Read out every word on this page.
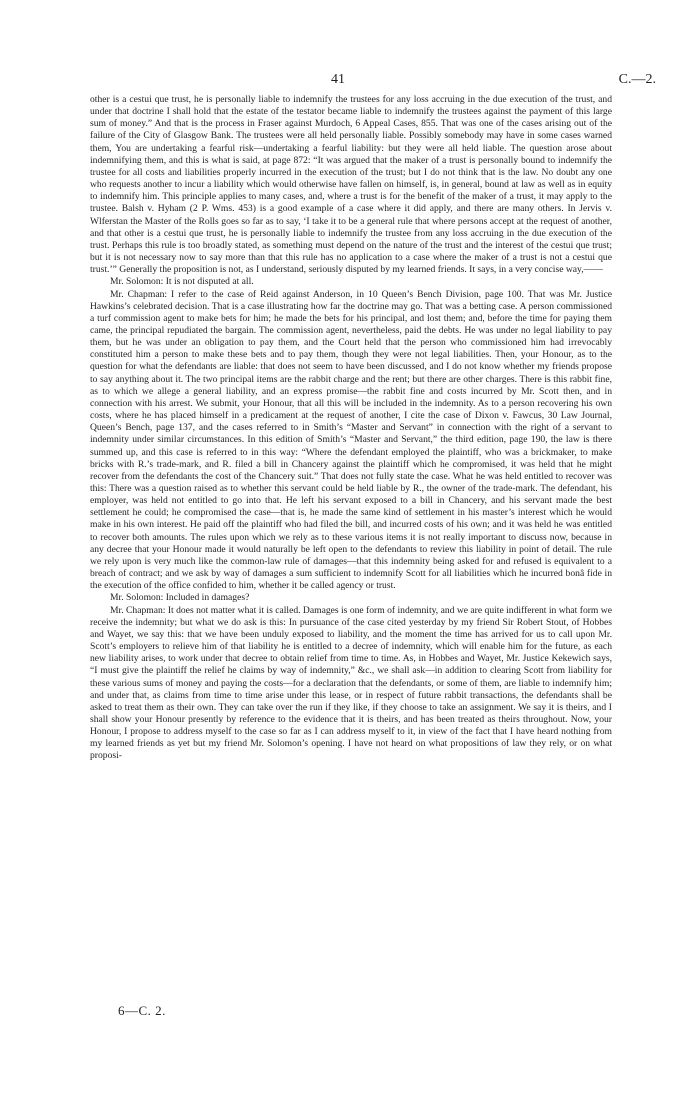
41	C.—2.

other is a cestui que trust, he is personally liable to indemnify the trustees for any loss accruing in the due execution of the trust, and under that doctrine I shall hold that the estate of the testator became liable to indemnify the trustees against the payment of this large sum of money.” And that is the process in Fraser against Murdoch, 6 Appeal Cases, 855. That was one of the cases arising out of the failure of the City of Glasgow Bank. The trustees were all held personally liable. Possibly somebody may have in some cases warned them, You are undertaking a fearful risk—undertaking a fearful liability: but they were all held liable. The question arose about indemnifying them, and this is what is said, at page 872: “It was argued that the maker of a trust is personally bound to indemnify the trustee for all costs and liabilities properly incurred in the execution of the trust; but I do not think that is the law. No doubt any one who requests another to incur a liability which would otherwise have fallen on himself, is, in general, bound at law as well as in equity to indemnify him. This principle applies to many cases, and, where a trust is for the benefit of the maker of a trust, it may apply to the trustee. Balsh v. Hyham (2 P. Wms. 453) is a good example of a case where it did apply, and there are many others. In Jervis v. Wlferstan the Master of the Rolls goes so far as to say, ‘I take it to be a general rule that where persons accept at the request of another, and that other is a cestui que trust, he is personally liable to indemnify the trustee from any loss accruing in the due execution of the trust. Perhaps this rule is too broadly stated, as something must depend on the nature of the trust and the interest of the cestui que trust; but it is not necessary now to say more than that this rule has no application to a case where the maker of a trust is not a cestui que trust.’” Generally the proposition is not, as I understand, seriously disputed by my learned friends. It says, in a very concise way,——

Mr. Solomon: It is not disputed at all.

Mr. Chapman: I refer to the case of Reid against Anderson, in 10 Queen’s Bench Division, page 100. That was Mr. Justice Hawkins’s celebrated decision. That is a case illustrating how far the doctrine may go. That was a betting case. A person commissioned a turf commission agent to make bets for him; he made the bets for his principal, and lost them; and, before the time for paying them came, the principal repudiated the bargain. The commission agent, nevertheless, paid the debts. He was under no legal liability to pay them, but he was under an obligation to pay them, and the Court held that the person who commissioned him had irrevocably constituted him a person to make these bets and to pay them, though they were not legal liabilities. Then, your Honour, as to the question for what the defendants are liable: that does not seem to have been discussed, and I do not know whether my friends propose to say anything about it. The two principal items are the rabbit charge and the rent; but there are other charges. There is this rabbit fine, as to which we allege a general liability, and an express promise—the rabbit fine and costs incurred by Mr. Scott then, and in connection with his arrest. We submit, your Honour, that all this will be included in the indemnity. As to a person recovering his own costs, where he has placed himself in a predicament at the request of another, I cite the case of Dixon v. Fawcus, 30 Law Journal, Queen’s Bench, page 137, and the cases referred to in Smith’s “Master and Servant” in connection with the right of a servant to indemnity under similar circumstances. In this edition of Smith’s “Master and Servant,” the third edition, page 190, the law is there summed up, and this case is referred to in this way: “Where the defendant employed the plaintiff, who was a brickmaker, to make bricks with R.’s trade-mark, and R. filed a bill in Chancery against the plaintiff which he compromised, it was held that he might recover from the defendants the cost of the Chancery suit.” That does not fully state the case. What he was held entitled to recover was this: There was a question raised as to whether this servant could be held liable by R., the owner of the trade-mark. The defendant, his employer, was held not entitled to go into that. He left his servant exposed to a bill in Chancery, and his servant made the best settlement he could; he compromised the case—that is, he made the same kind of settlement in his master’s interest which he would make in his own interest. He paid off the plaintiff who had filed the bill, and incurred costs of his own; and it was held he was entitled to recover both amounts. The rules upon which we rely as to these various items it is not really important to discuss now, because in any decree that your Honour made it would naturally be left open to the defendants to review this liability in point of detail. The rule we rely upon is very much like the common-law rule of damages—that this indemnity being asked for and refused is equivalent to a breach of contract; and we ask by way of damages a sum sufficient to indemnify Scott for all liabilities which he incurred bonâ fide in the execution of the office confided to him, whether it be called agency or trust.

Mr. Solomon: Included in damages?

Mr. Chapman: It does not matter what it is called. Damages is one form of indemnity, and we are quite indifferent in what form we receive the indemnity; but what we do ask is this: In pursuance of the case cited yesterday by my friend Sir Robert Stout, of Hobbes and Wayet, we say this: that we have been unduly exposed to liability, and the moment the time has arrived for us to call upon Mr. Scott’s employers to relieve him of that liability he is entitled to a decree of indemnity, which will enable him for the future, as each new liability arises, to work under that decree to obtain relief from time to time. As, in Hobbes and Wayet, Mr. Justice Kekewich says, “I must give the plaintiff the relief he claims by way of indemnity,” &c., we shall ask—in addition to clearing Scott from liability for these various sums of money and paying the costs—for a declaration that the defendants, or some of them, are liable to indemnify him; and under that, as claims from time to time arise under this lease, or in respect of future rabbit transactions, the defendants shall be asked to treat them as their own. They can take over the run if they like, if they choose to take an assignment. We say it is theirs, and I shall show your Honour presently by reference to the evidence that it is theirs, and has been treated as theirs throughout. Now, your Honour, I propose to address myself to the case so far as I can address myself to it, in view of the fact that I have heard nothing from my learned friends as yet but my friend Mr. Solomon’s opening. I have not heard on what propositions of law they rely, or on what proposi-

6—C. 2.
